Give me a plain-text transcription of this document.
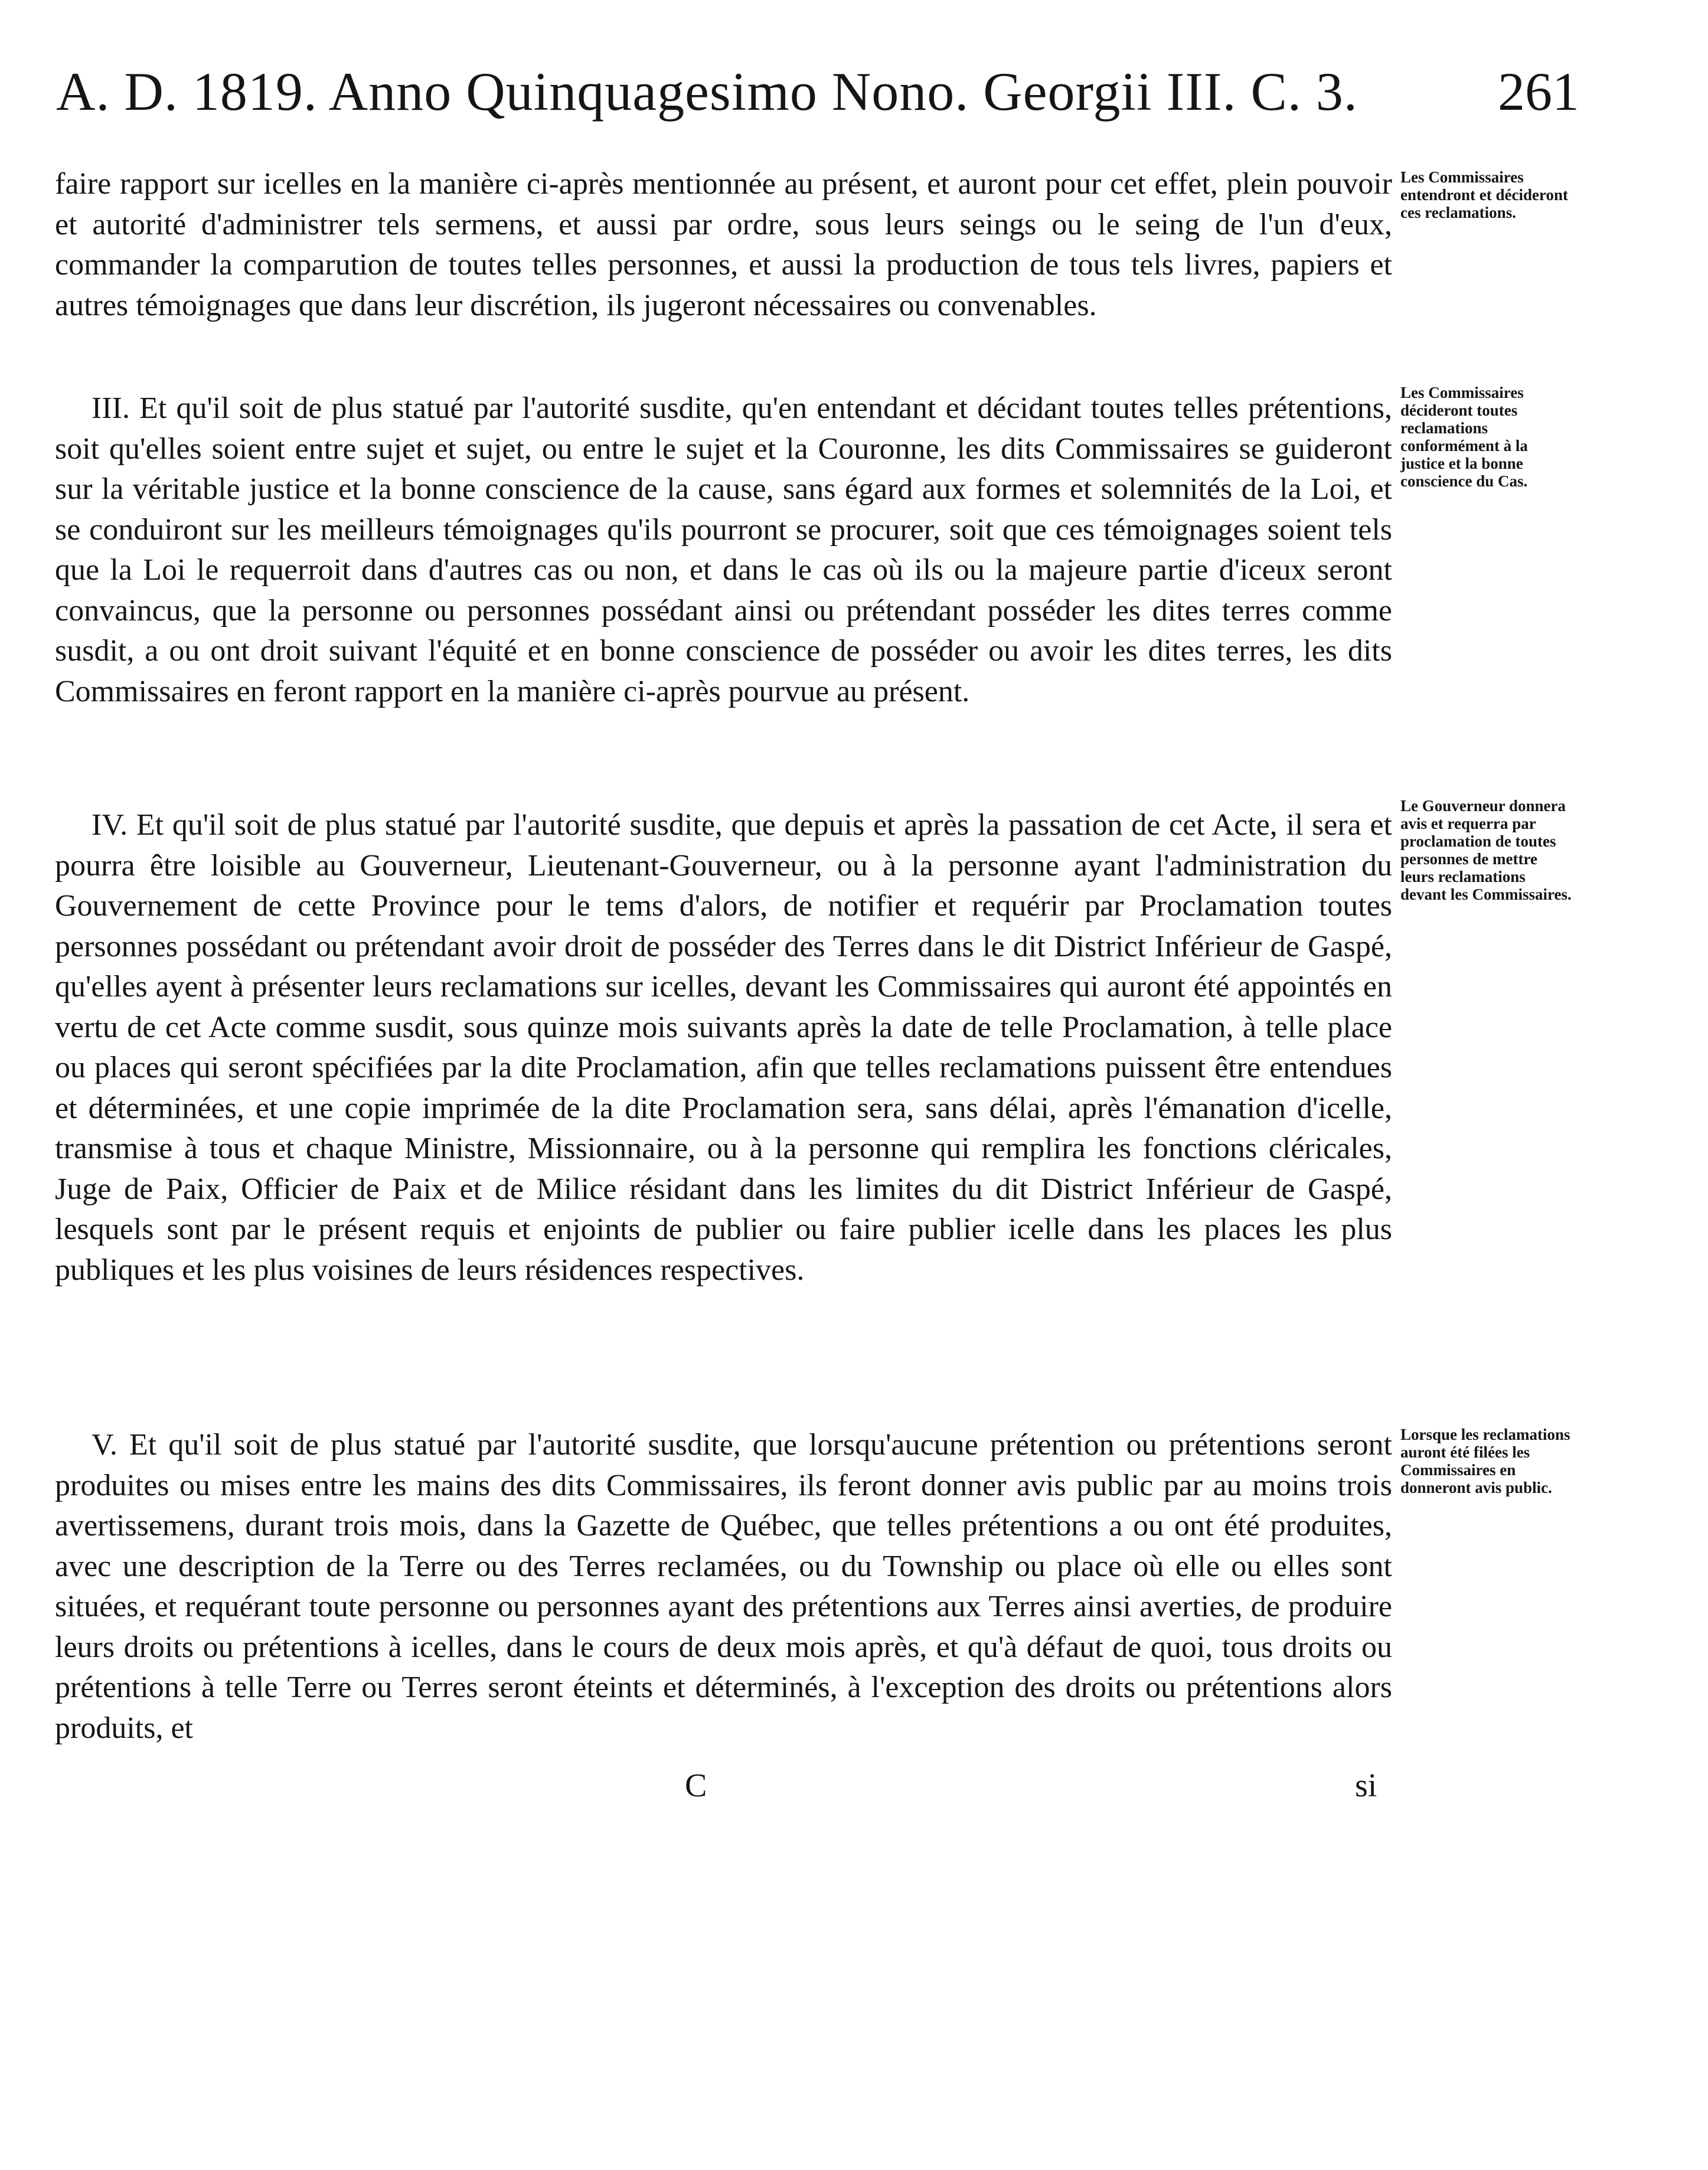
A. D. 1819. Anno Quinquagesimo Nono. Georgii III. C. 3.	261

faire rapport sur icelles en la manière ci-après mentionnée au présent, et auront pour cet effet, plein pouvoir et autorité d'administrer tels sermens, et aussi par ordre, sous leurs seings ou le seing de l'un d'eux, commander la comparution de toutes telles personnes, et aussi la production de tous tels livres, papiers et autres témoignages que dans leur discrétion, ils jugeront nécessaires ou convenables.

III. Et qu'il soit de plus statué par l'autorité susdite, qu'en entendant et décidant toutes telles prétentions, soit qu'elles soient entre sujet et sujet, ou entre le sujet et la Couronne, les dits Commissaires se guideront sur la véritable justice et la bonne conscience de la cause, sans égard aux formes et solemnités de la Loi, et se conduiront sur les meilleurs témoignages qu'ils pourront se procurer, soit que ces témoignages soient tels que la Loi le requerroit dans d'autres cas ou non, et dans le cas où ils ou la majeure partie d'iceux seront convaincus, que la personne ou personnes possédant ainsi ou prétendant posséder les dites terres comme susdit, a ou ont droit suivant l'équité et en bonne conscience de posséder ou avoir les dites terres, les dits Commissaires en feront rapport en la manière ci-après pourvue au présent.

IV. Et qu'il soit de plus statué par l'autorité susdite, que depuis et après la passation de cet Acte, il sera et pourra être loisible au Gouverneur, Lieutenant-Gouverneur, ou à la personne ayant l'administration du Gouvernement de cette Province pour le tems d'alors, de notifier et requérir par Proclamation toutes personnes possédant ou prétendant avoir droit de posséder des Terres dans le dit District Inférieur de Gaspé, qu'elles ayent à présenter leurs reclamations sur icelles, devant les Commissaires qui auront été appointés en vertu de cet Acte comme susdit, sous quinze mois suivants après la date de telle Proclamation, à telle place ou places qui seront spécifiées par la dite Proclamation, afin que telles reclamations puissent être entendues et déterminées, et une copie imprimée de la dite Proclamation sera, sans délai, après l'émanation d'icelle, transmise à tous et chaque Ministre, Missionnaire, ou à la personne qui remplira les fonctions cléricales, Juge de Paix, Officier de Paix et de Milice résidant dans les limites du dit District Inférieur de Gaspé, lesquels sont par le présent requis et enjoints de publier ou faire publier icelle dans les places les plus publiques et les plus voisines de leurs résidences respectives.

V. Et qu'il soit de plus statué par l'autorité susdite, que lorsqu'aucune prétention ou prétentions seront produites ou mises entre les mains des dits Commissaires, ils feront donner avis public par au moins trois avertissemens, durant trois mois, dans la Gazette de Québec, que telles prétentions a ou ont été produites, avec une description de la Terre ou des Terres reclamées, ou du Township ou place où elle ou elles sont situées, et requérant toute personne ou personnes ayant des prétentions aux Terres ainsi averties, de produire leurs droits ou prétentions à icelles, dans le cours de deux mois après, et qu'à défaut de quoi, tous droits ou prétentions à telle Terre ou Terres seront éteints et déterminés, à l'exception des droits ou prétentions alors produits, et

Les Commissaires entendront et décideront ces reclamations.
Les Commissaires décideront toutes reclamations conformément à la justice et la bonne conscience du Cas.
Le Gouverneur donnera avis et requerra par proclamation de toutes personnes de mettre leurs reclamations devant les Commissaires.
Lorsque les reclamations auront été filées les Commissaires en donneront avis public.
C	si
